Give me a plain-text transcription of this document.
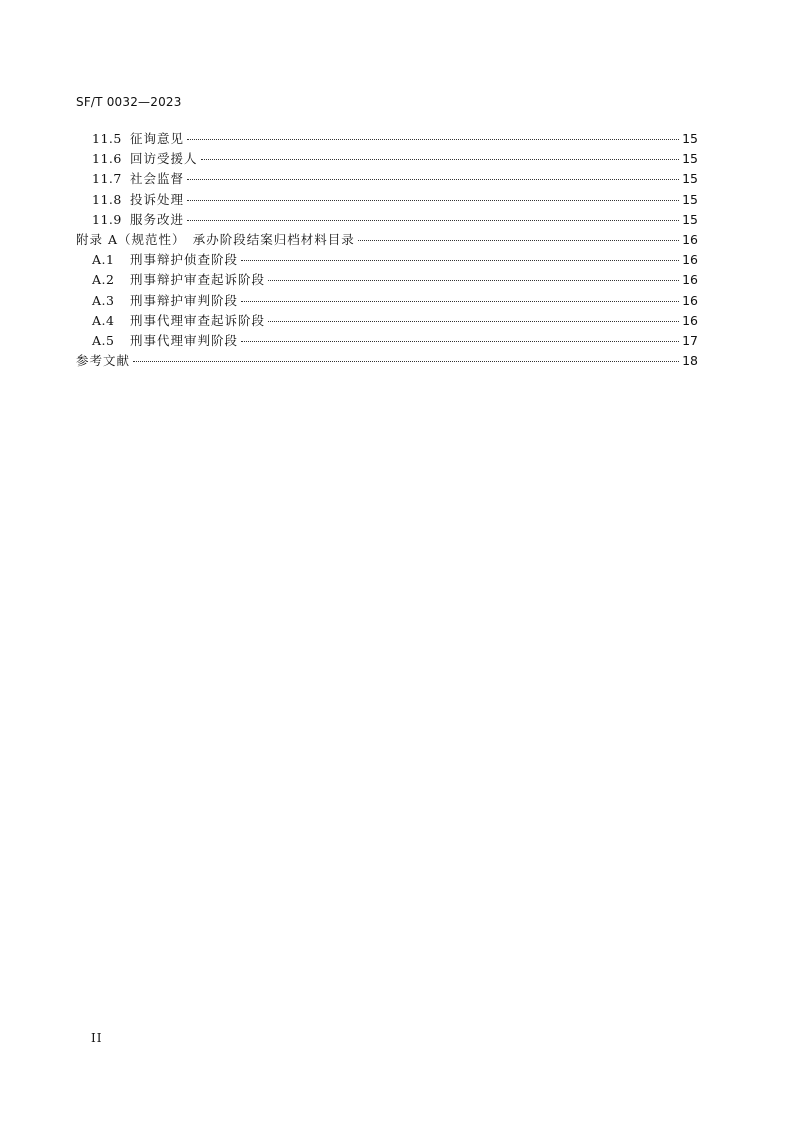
SF/T 0032—2023
11.5 征询意见	15
11.6 回访受援人	15
11.7 社会监督	15
11.8 投诉处理	15
11.9 服务改进	15
附录 A（规范性）　承办阶段结案归档材料目录	16
A.1	刑事辩护侦查阶段	16
A.2	刑事辩护审查起诉阶段	16
A.3	刑事辩护审判阶段	16
A.4	刑事代理审查起诉阶段	16
A.5	刑事代理审判阶段	17
参考文献	18
II
